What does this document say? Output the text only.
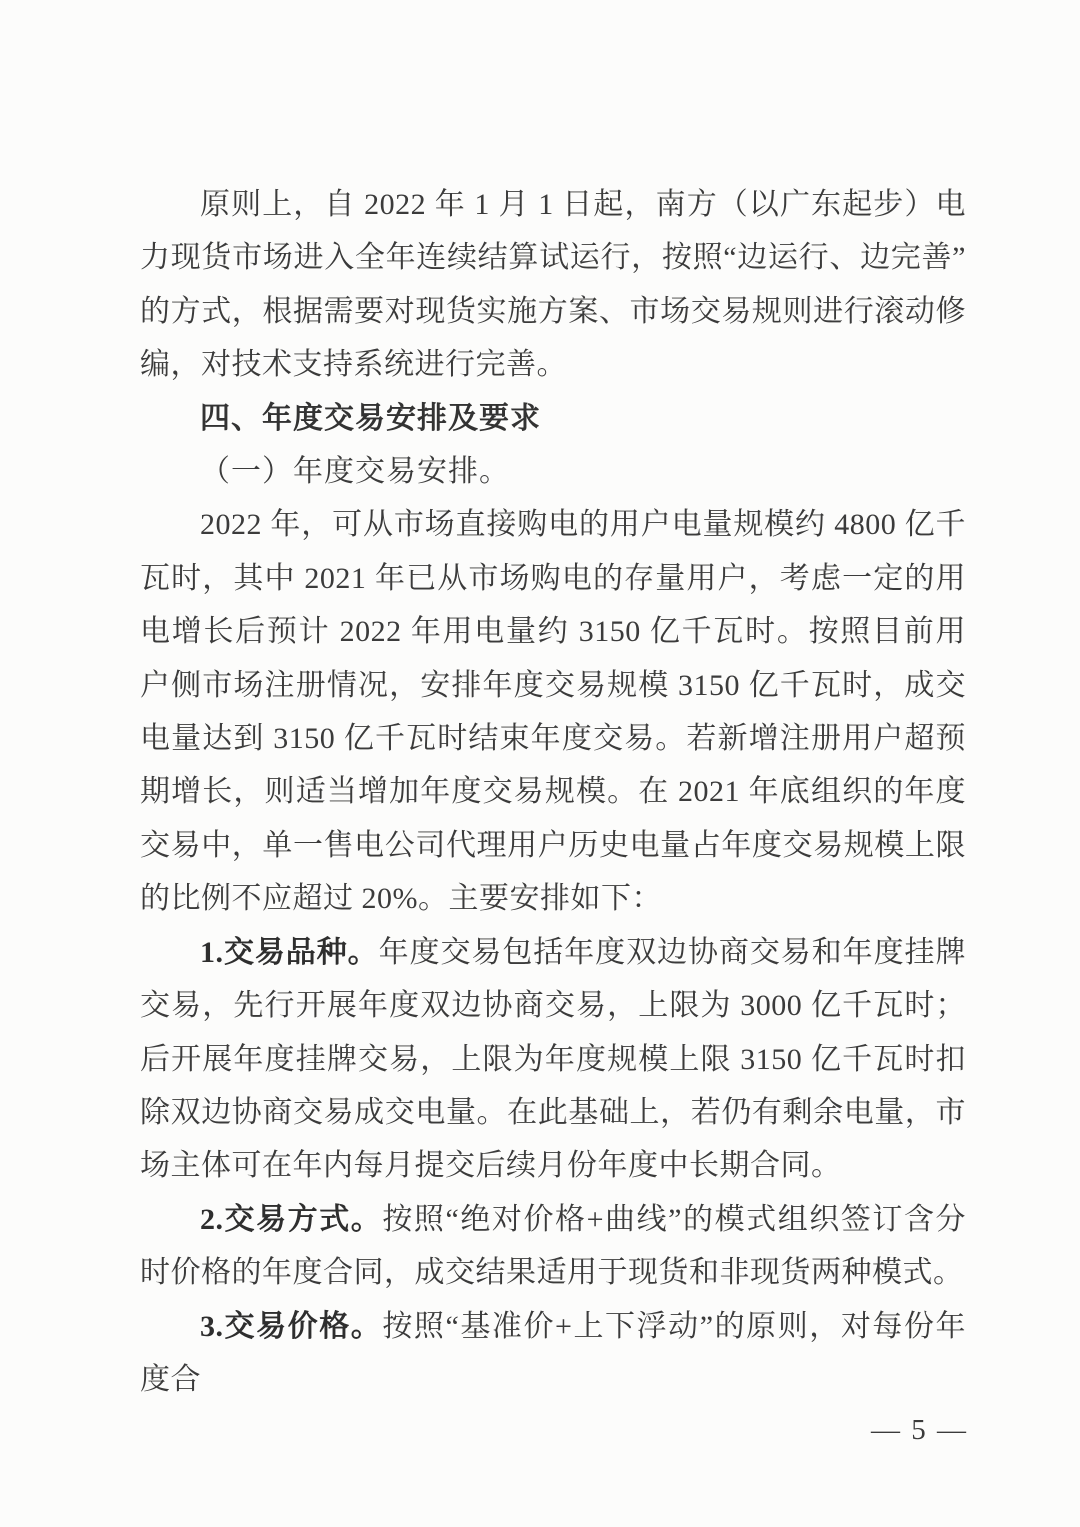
原则上，自 2022 年 1 月 1 日起，南方（以广东起步）电力现货市场进入全年连续结算试运行，按照“边运行、边完善”的方式，根据需要对现货实施方案、市场交易规则进行滚动修编，对技术支持系统进行完善。

四、年度交易安排及要求
（一）年度交易安排。

2022 年，可从市场直接购电的用户电量规模约 4800 亿千瓦时，其中 2021 年已从市场购电的存量用户，考虑一定的用电增长后预计 2022 年用电量约 3150 亿千瓦时。按照目前用户侧市场注册情况，安排年度交易规模 3150 亿千瓦时，成交电量达到 3150 亿千瓦时结束年度交易。若新增注册用户超预期增长，则适当增加年度交易规模。在 2021 年底组织的年度交易中，单一售电公司代理用户历史电量占年度交易规模上限的比例不应超过 20%。主要安排如下：

1.交易品种。年度交易包括年度双边协商交易和年度挂牌交易，先行开展年度双边协商交易，上限为 3000 亿千瓦时；后开展年度挂牌交易，上限为年度规模上限 3150 亿千瓦时扣除双边协商交易成交电量。在此基础上，若仍有剩余电量，市场主体可在年内每月提交后续月份年度中长期合同。

2.交易方式。按照“绝对价格+曲线”的模式组织签订含分时价格的年度合同，成交结果适用于现货和非现货两种模式。

3.交易价格。按照“基准价+上下浮动”的原则，对每份年度合

— 5 —
